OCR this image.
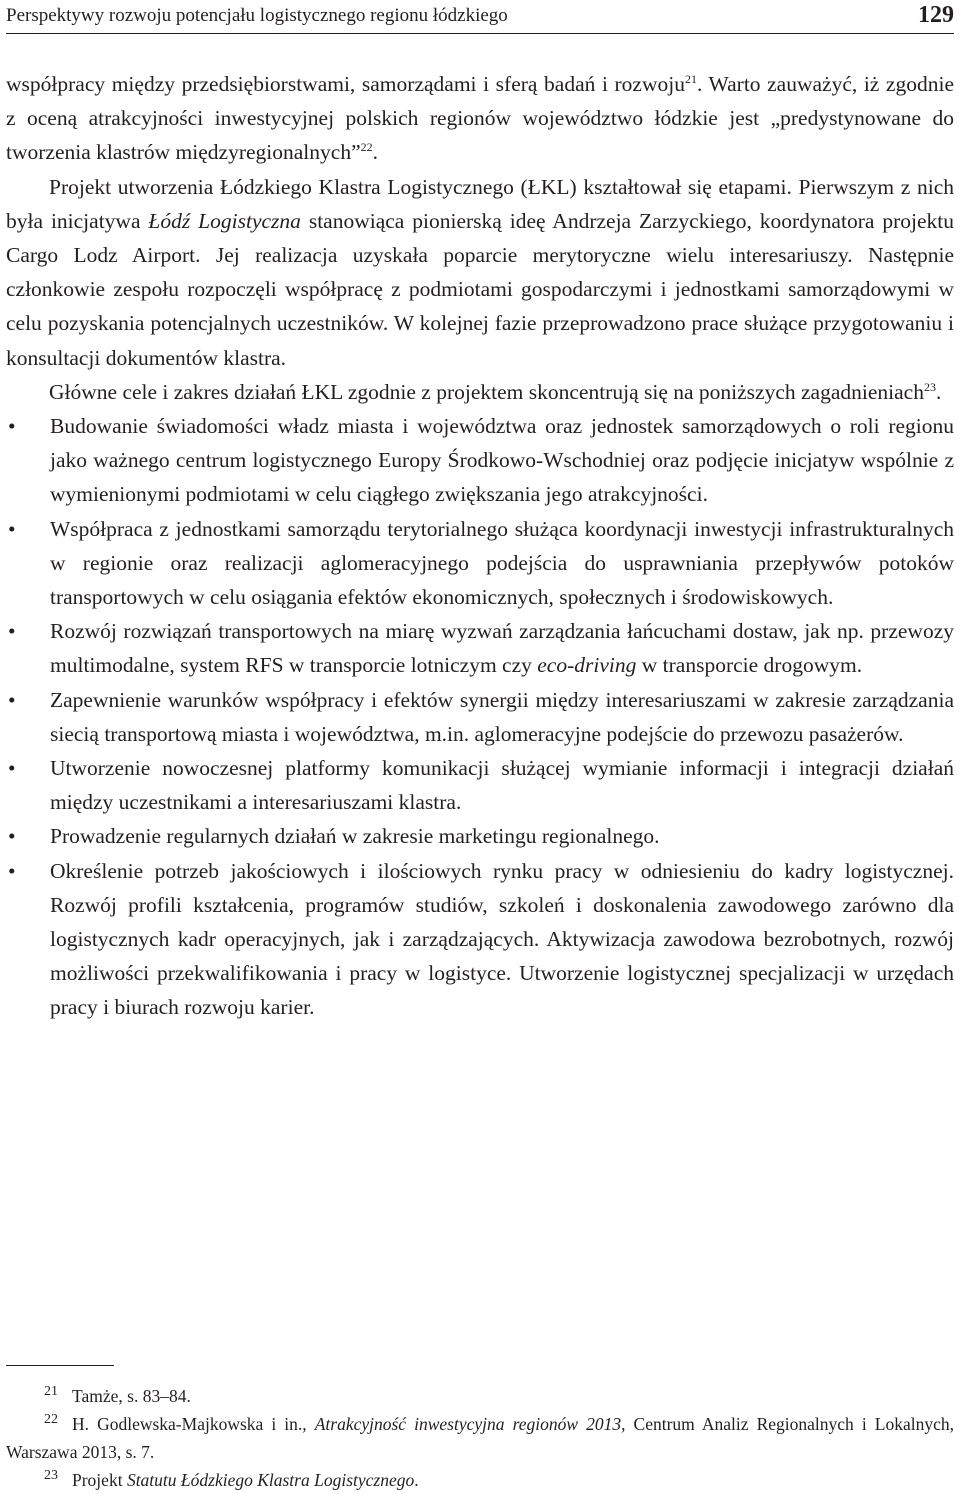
Perspektywy rozwoju potencjału logistycznego regionu łódzkiego	129

współpracy między przedsiębiorstwami, samorządami i sferą badań i rozwoju$^{21}$. Warto zauważyć, iż zgodnie z oceną atrakcyjności inwestycyjnej polskich regionów województwo łódzkie jest „predystynowane do tworzenia klastrów międzyregionalnych”$^{22}$.

Projekt utworzenia Łódzkiego Klastra Logistycznego (ŁKL) kształtował się etapami. Pierwszym z nich była inicjatywa Łódź Logistyczna stanowiąca pionierską ideę Andrzeja Zarzyckiego, koordynatora projektu Cargo Lodz Airport. Jej realizacja uzyskała poparcie merytoryczne wielu interesariuszy. Następnie członkowie zespołu rozpoczęli współpracę z podmiotami gospodarczymi i jednostkami samorządowymi w celu pozyskania potencjalnych uczestników. W kolejnej fazie przeprowadzono prace służące przygotowaniu i konsultacji dokumentów klastra.

Główne cele i zakres działań ŁKL zgodnie z projektem skoncentrują się na poniższych zagadnieniach$^{23}$.

• Budowanie świadomości władz miasta i województwa oraz jednostek samorządowych o roli regionu jako ważnego centrum logistycznego Europy Środkowo-Wschodniej oraz podjęcie inicjatyw wspólnie z wymienionymi podmiotami w celu ciągłego zwiększania jego atrakcyjności.
• Współpraca z jednostkami samorządu terytorialnego służąca koordynacji inwestycji infrastrukturalnych w regionie oraz realizacji aglomeracyjnego podejścia do usprawniania przepływów potoków transportowych w celu osiągania efektów ekonomicznych, społecznych i środowiskowych.
• Rozwój rozwiązań transportowych na miarę wyzwań zarządzania łańcuchami dostaw, jak np. przewozy multimodalne, system RFS w transporcie lotniczym czy eco-driving w transporcie drogowym.
• Zapewnienie warunków współpracy i efektów synergii między interesariuszami w zakresie zarządzania siecią transportową miasta i województwa, m.in. aglomeracyjne podejście do przewozu pasażerów.
• Utworzenie nowoczesnej platformy komunikacji służącej wymianie informacji i integracji działań między uczestnikami a interesariuszami klastra.
• Prowadzenie regularnych działań w zakresie marketingu regionalnego.
• Określenie potrzeb jakościowych i ilościowych rynku pracy w odniesieniu do kadry logistycznej. Rozwój profili kształcenia, programów studiów, szkoleń i doskonalenia zawodowego zarówno dla logistycznych kadr operacyjnych, jak i zarządzających. Aktywizacja zawodowa bezrobotnych, rozwój możliwości przekwalifikowania i pracy w logistyce. Utworzenie logistycznej specjalizacji w urzędach pracy i biurach rozwoju karier.
21 Tamże, s. 83–84.
22 H. Godlewska-Majkowska i in., Atrakcyjność inwestycyjna regionów 2013, Centrum Analiz Regionalnych i Lokalnych, Warszawa 2013, s. 7.
23 Projekt Statutu Łódzkiego Klastra Logistycznego.
